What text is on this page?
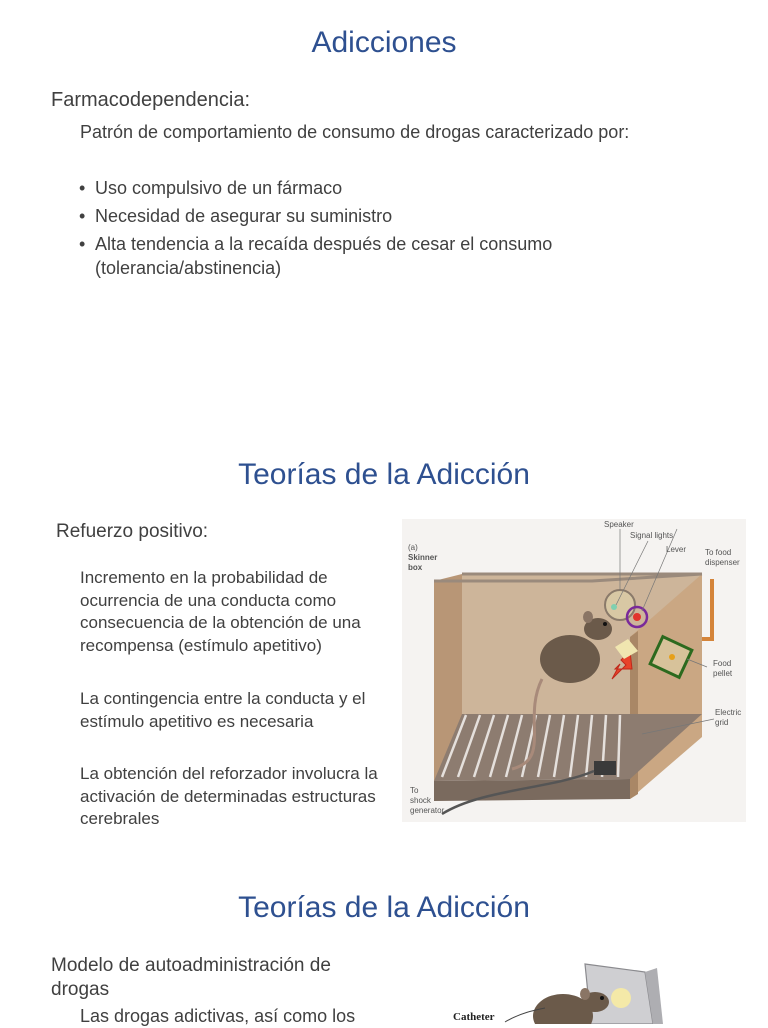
Adicciones
Farmacodependencia:
Patrón de comportamiento de consumo de drogas caracterizado por:
• Uso compulsivo de un fármaco
• Necesidad de asegurar su suministro
• Alta tendencia a la recaída después de cesar el consumo (tolerancia/abstinencia)
Teorías de la Adicción
Refuerzo positivo:
Incremento en la probabilidad de ocurrencia de una conducta como consecuencia de la obtención de una recompensa (estímulo apetitivo)
La contingencia entre la conducta y el estímulo apetitivo es necesaria
La obtención del reforzador involucra la activación de determinadas estructuras cerebrales
(a)
Skinner
box
Speaker
Signal lights
Lever To food
dispenser
Food
pellet
Electric
grid
To
shock
generator
Teorías de la Adicción
Modelo de autoadministración de drogas
Las drogas adictivas, así como los	Catheter
